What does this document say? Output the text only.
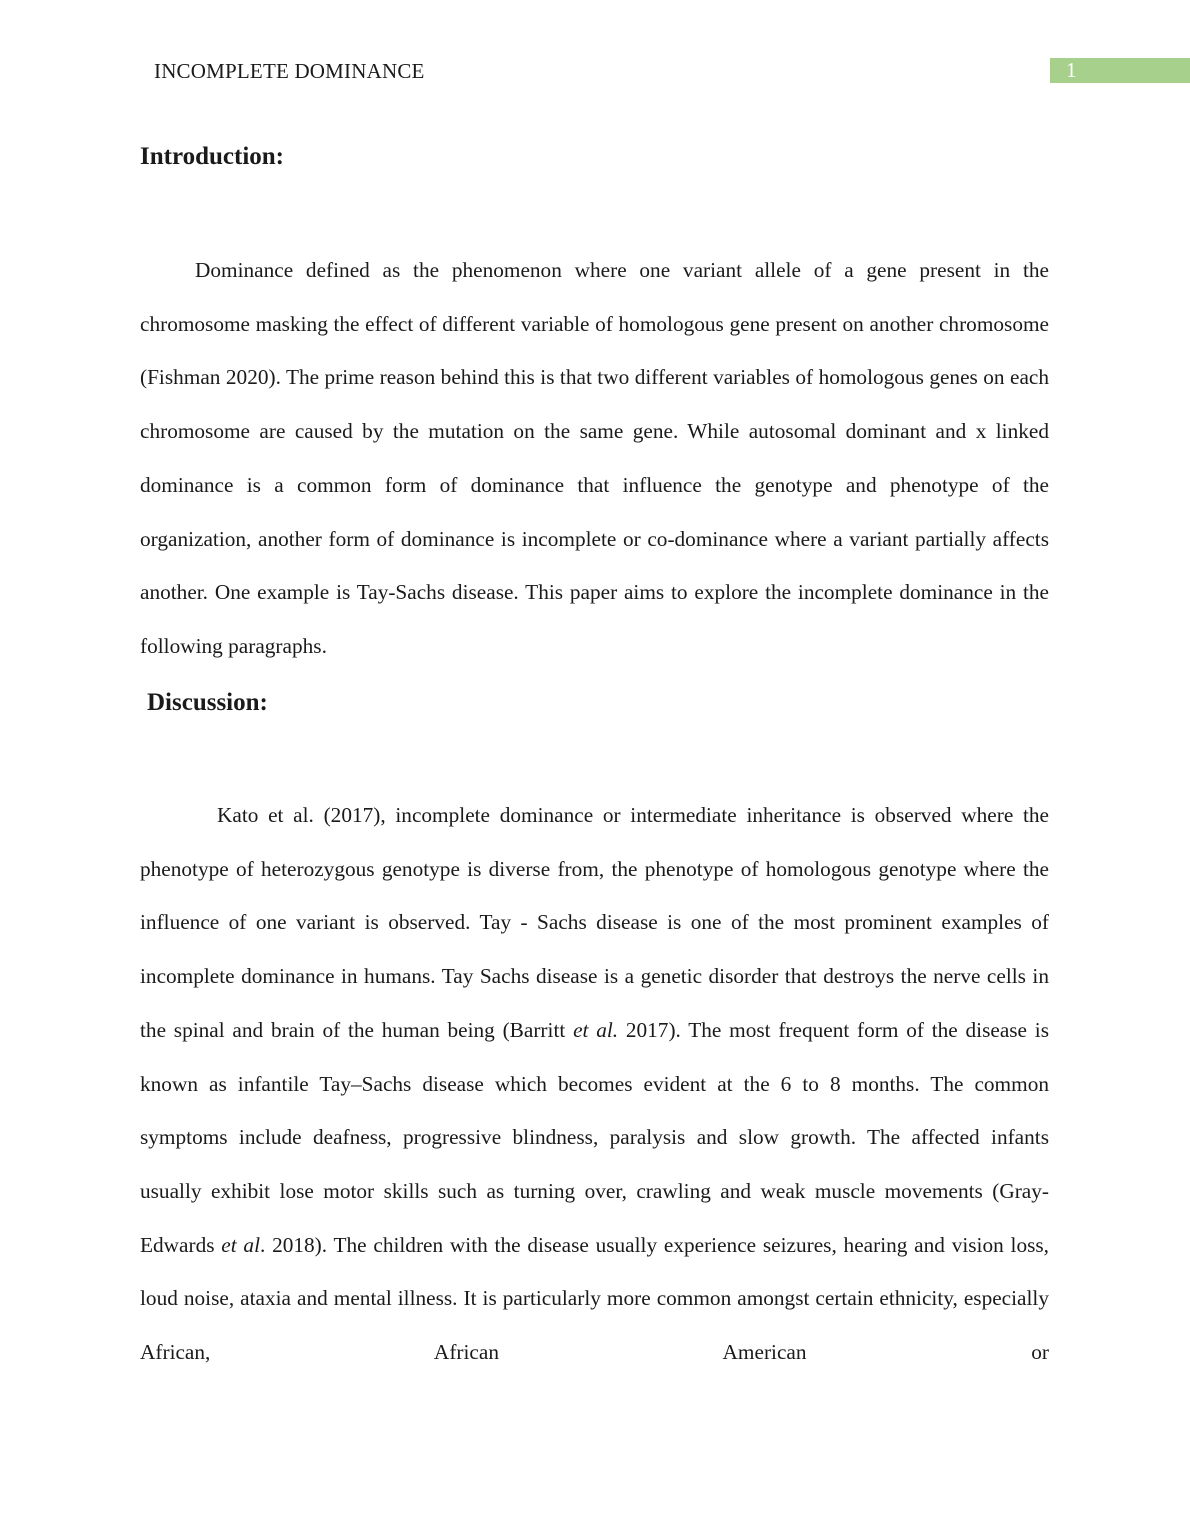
INCOMPLETE DOMINANCE	1
Introduction:

Dominance defined as the phenomenon where one variant allele of a gene present in the chromosome masking the effect of different variable of homologous gene present on another chromosome (Fishman 2020). The prime reason behind this is that two different variables of homologous genes on each chromosome are caused by the mutation on the same gene. While autosomal dominant and x linked dominance is a common form of dominance that influence the genotype and phenotype of the organization, another form of dominance is incomplete or co-dominance where a variant partially affects another. One example is Tay-Sachs disease. This paper aims to explore the incomplete dominance in the following paragraphs.

Discussion:

Kato et al. (2017), incomplete dominance or intermediate inheritance is observed where the phenotype of heterozygous genotype is diverse from, the phenotype of homologous genotype where the influence of one variant is observed. Tay - Sachs disease is one of the most prominent examples of incomplete dominance in humans. Tay Sachs disease is a genetic disorder that destroys the nerve cells in the spinal and brain of the human being (Barritt et al. 2017). The most frequent form of the disease is known as infantile Tay–Sachs disease which becomes evident at the 6 to 8 months. The common symptoms include deafness, progressive blindness, paralysis and slow growth. The affected infants usually exhibit lose motor skills such as turning over, crawling and weak muscle movements (Gray-Edwards et al. 2018). The children with the disease usually experience seizures, hearing and vision loss, loud noise, ataxia and mental illness. It is particularly more common amongst certain ethnicity, especially African, African American or
